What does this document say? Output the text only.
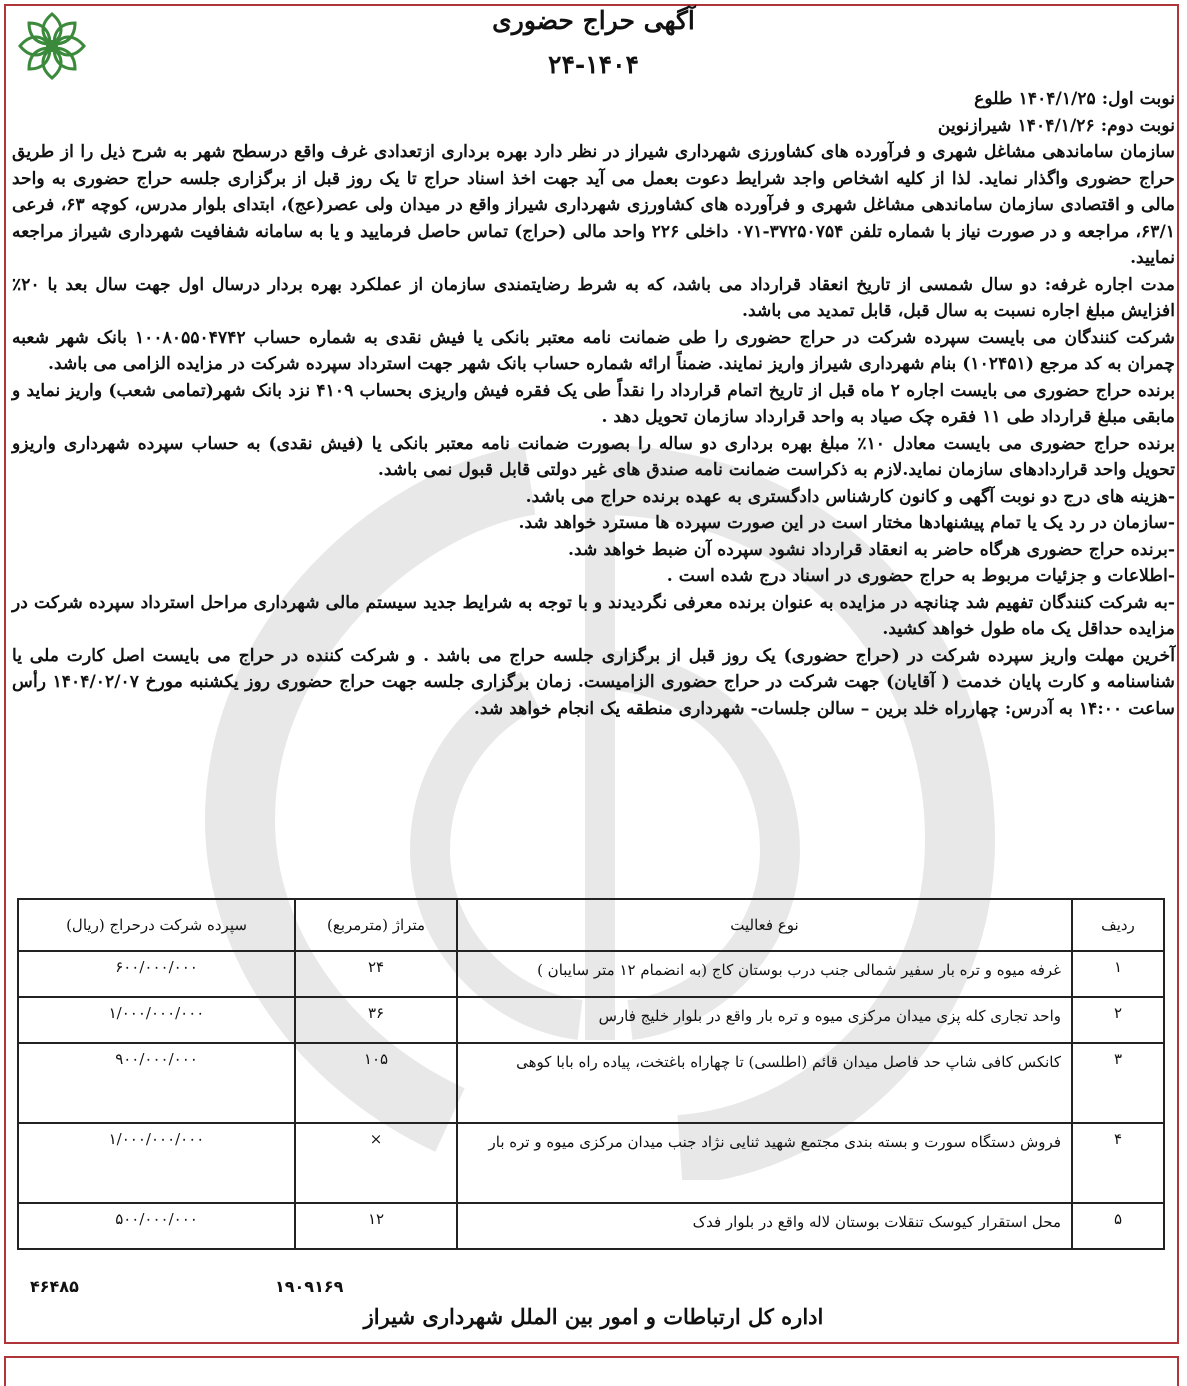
آگهی حراج حضوری
۲۴-۱۴۰۴

نوبت اول: ۱۴۰۴/۱/۲۵ طلوع

نوبت دوم: ۱۴۰۴/۱/۲۶ شیرازنوین

سازمان ساماندهی مشاغل شهری و فرآورده های کشاورزی شهرداری شیراز در نظر دارد بهره برداری ازتعدادی غرف واقع درسطح شهر به شرح ذیل را از طریق حراج حضوری واگذار نماید. لذا از کلیه اشخاص واجد شرایط دعوت بعمل می آید جهت اخذ اسناد حراج تا یک روز قبل از برگزاری جلسه حراج حضوری به واحد مالی و اقتصادی سازمان ساماندهی مشاغل شهری و فرآورده های کشاورزی شهرداری شیراز واقع در میدان ولی عصر(عج)، ابتدای بلوار مدرس، کوچه ۶۳، فرعی ۶۳/۱، مراجعه و در صورت نیاز با شماره تلفن ۳۷۲۵۰۷۵۴-۰۷۱ داخلی ۲۲۶ واحد مالی (حراج) تماس حاصل فرمایید و یا به سامانه شفافیت شهرداری شیراز مراجعه نمایید.

مدت اجاره غرفه: دو سال شمسی از تاریخ انعقاد قرارداد می باشد، که به شرط رضایتمندی سازمان از عملکرد بهره بردار درسال اول جهت سال بعد با ۲۰٪ افزایش مبلغ اجاره نسبت به سال قبل، قابل تمدید می باشد.

شرکت کنندگان می بایست سپرده شرکت در حراج حضوری را طی ضمانت نامه معتبر بانکی یا فیش نقدی به شماره حساب ۱۰۰۸۰۵۵۰۴۷۴۲ بانک شهر شعبه چمران به کد مرجع (۱۰۲۴۵۱) بنام شهرداری شیراز واریز نمایند. ضمناً ارائه شماره حساب بانک شهر جهت استرداد سپرده شرکت در مزایده الزامی می باشد.

برنده حراج حضوری می بایست اجاره ۲ ماه قبل از تاریخ اتمام قرارداد را نقداً طی یک فقره فیش واریزی بحساب ۴۱۰۹ نزد بانک شهر(تمامی شعب) واریز نماید و مابقی مبلغ قرارداد طی ۱۱ فقره چک صیاد به واحد قرارداد سازمان تحویل دهد .

برنده حراج حضوری می بایست معادل ۱۰٪ مبلغ بهره برداری دو ساله را بصورت ضمانت نامه معتبر بانکی یا (فیش نقدی) به حساب سپرده شهرداری واریزو تحویل واحد قراردادهای سازمان نماید.لازم به ذکراست ضمانت نامه صندق های غیر دولتی قابل قبول نمی باشد.

-هزینه های درج دو نوبت آگهی و کانون کارشناس دادگستری به عهده برنده حراج می باشد.

-سازمان در رد یک یا تمام پیشنهادها مختار است در این صورت سپرده ها مسترد خواهد شد.

-برنده حراج حضوری هرگاه حاضر به انعقاد قرارداد نشود سپرده آن ضبط خواهد شد.

-اطلاعات و جزئیات مربوط به حراج حضوری در اسناد درج شده است .

-به شرکت کنندگان تفهیم شد چنانچه در مزایده به عنوان برنده معرفی نگردیدند و با توجه به شرایط جدید سیستم مالی شهرداری مراحل استرداد سپرده شرکت در مزایده حداقل یک ماه طول خواهد کشید.

آخرین مهلت واریز سپرده شرکت در (حراج حضوری) یک روز قبل از برگزاری جلسه حراج می باشد . و شرکت کننده در حراج می بایست اصل کارت ملی یا شناسنامه و کارت پایان خدمت ( آقایان) جهت شرکت در حراج حضوری الزامیست. زمان برگزاری جلسه جهت حراج حضوری روز یکشنبه مورخ ۱۴۰۴/۰۲/۰۷ رأس ساعت ۱۴:۰۰ به آدرس: چهارراه خلد برین – سالن جلسات- شهرداری منطقه یک انجام خواهد شد.

ردیف	نوع فعالیت	متراژ (مترمربع)	سپرده شرکت درحراج (ریال)
۱	غرفه میوه و تره بار سفیر شمالی جنب درب بوستان کاج (به انضمام ۱۲ متر سایبان )	۲۴	۶۰۰/۰۰۰/۰۰۰
۲	واحد تجاری کله پزی میدان مرکزی میوه و تره بار واقع در بلوار خلیج فارس	۳۶	۱/۰۰۰/۰۰۰/۰۰۰
۳	کانکس کافی شاپ حد فاصل میدان قائم (اطلسی) تا چهاراه باغتخت، پیاده راه بابا کوهی	۱۰۵	۹۰۰/۰۰۰/۰۰۰
۴	فروش دستگاه سورت و بسته بندی مجتمع شهید ثنایی نژاد جنب میدان مرکزی میوه و تره بار	×	۱/۰۰۰/۰۰۰/۰۰۰
۵	محل استقرار کیوسک تنقلات بوستان لاله واقع در بلوار فدک	۱۲	۵۰۰/۰۰۰/۰۰۰
۴۶۴۸۵	۱۹۰۹۱۶۹
اداره کل ارتباطات و امور بین الملل شهرداری شیراز
